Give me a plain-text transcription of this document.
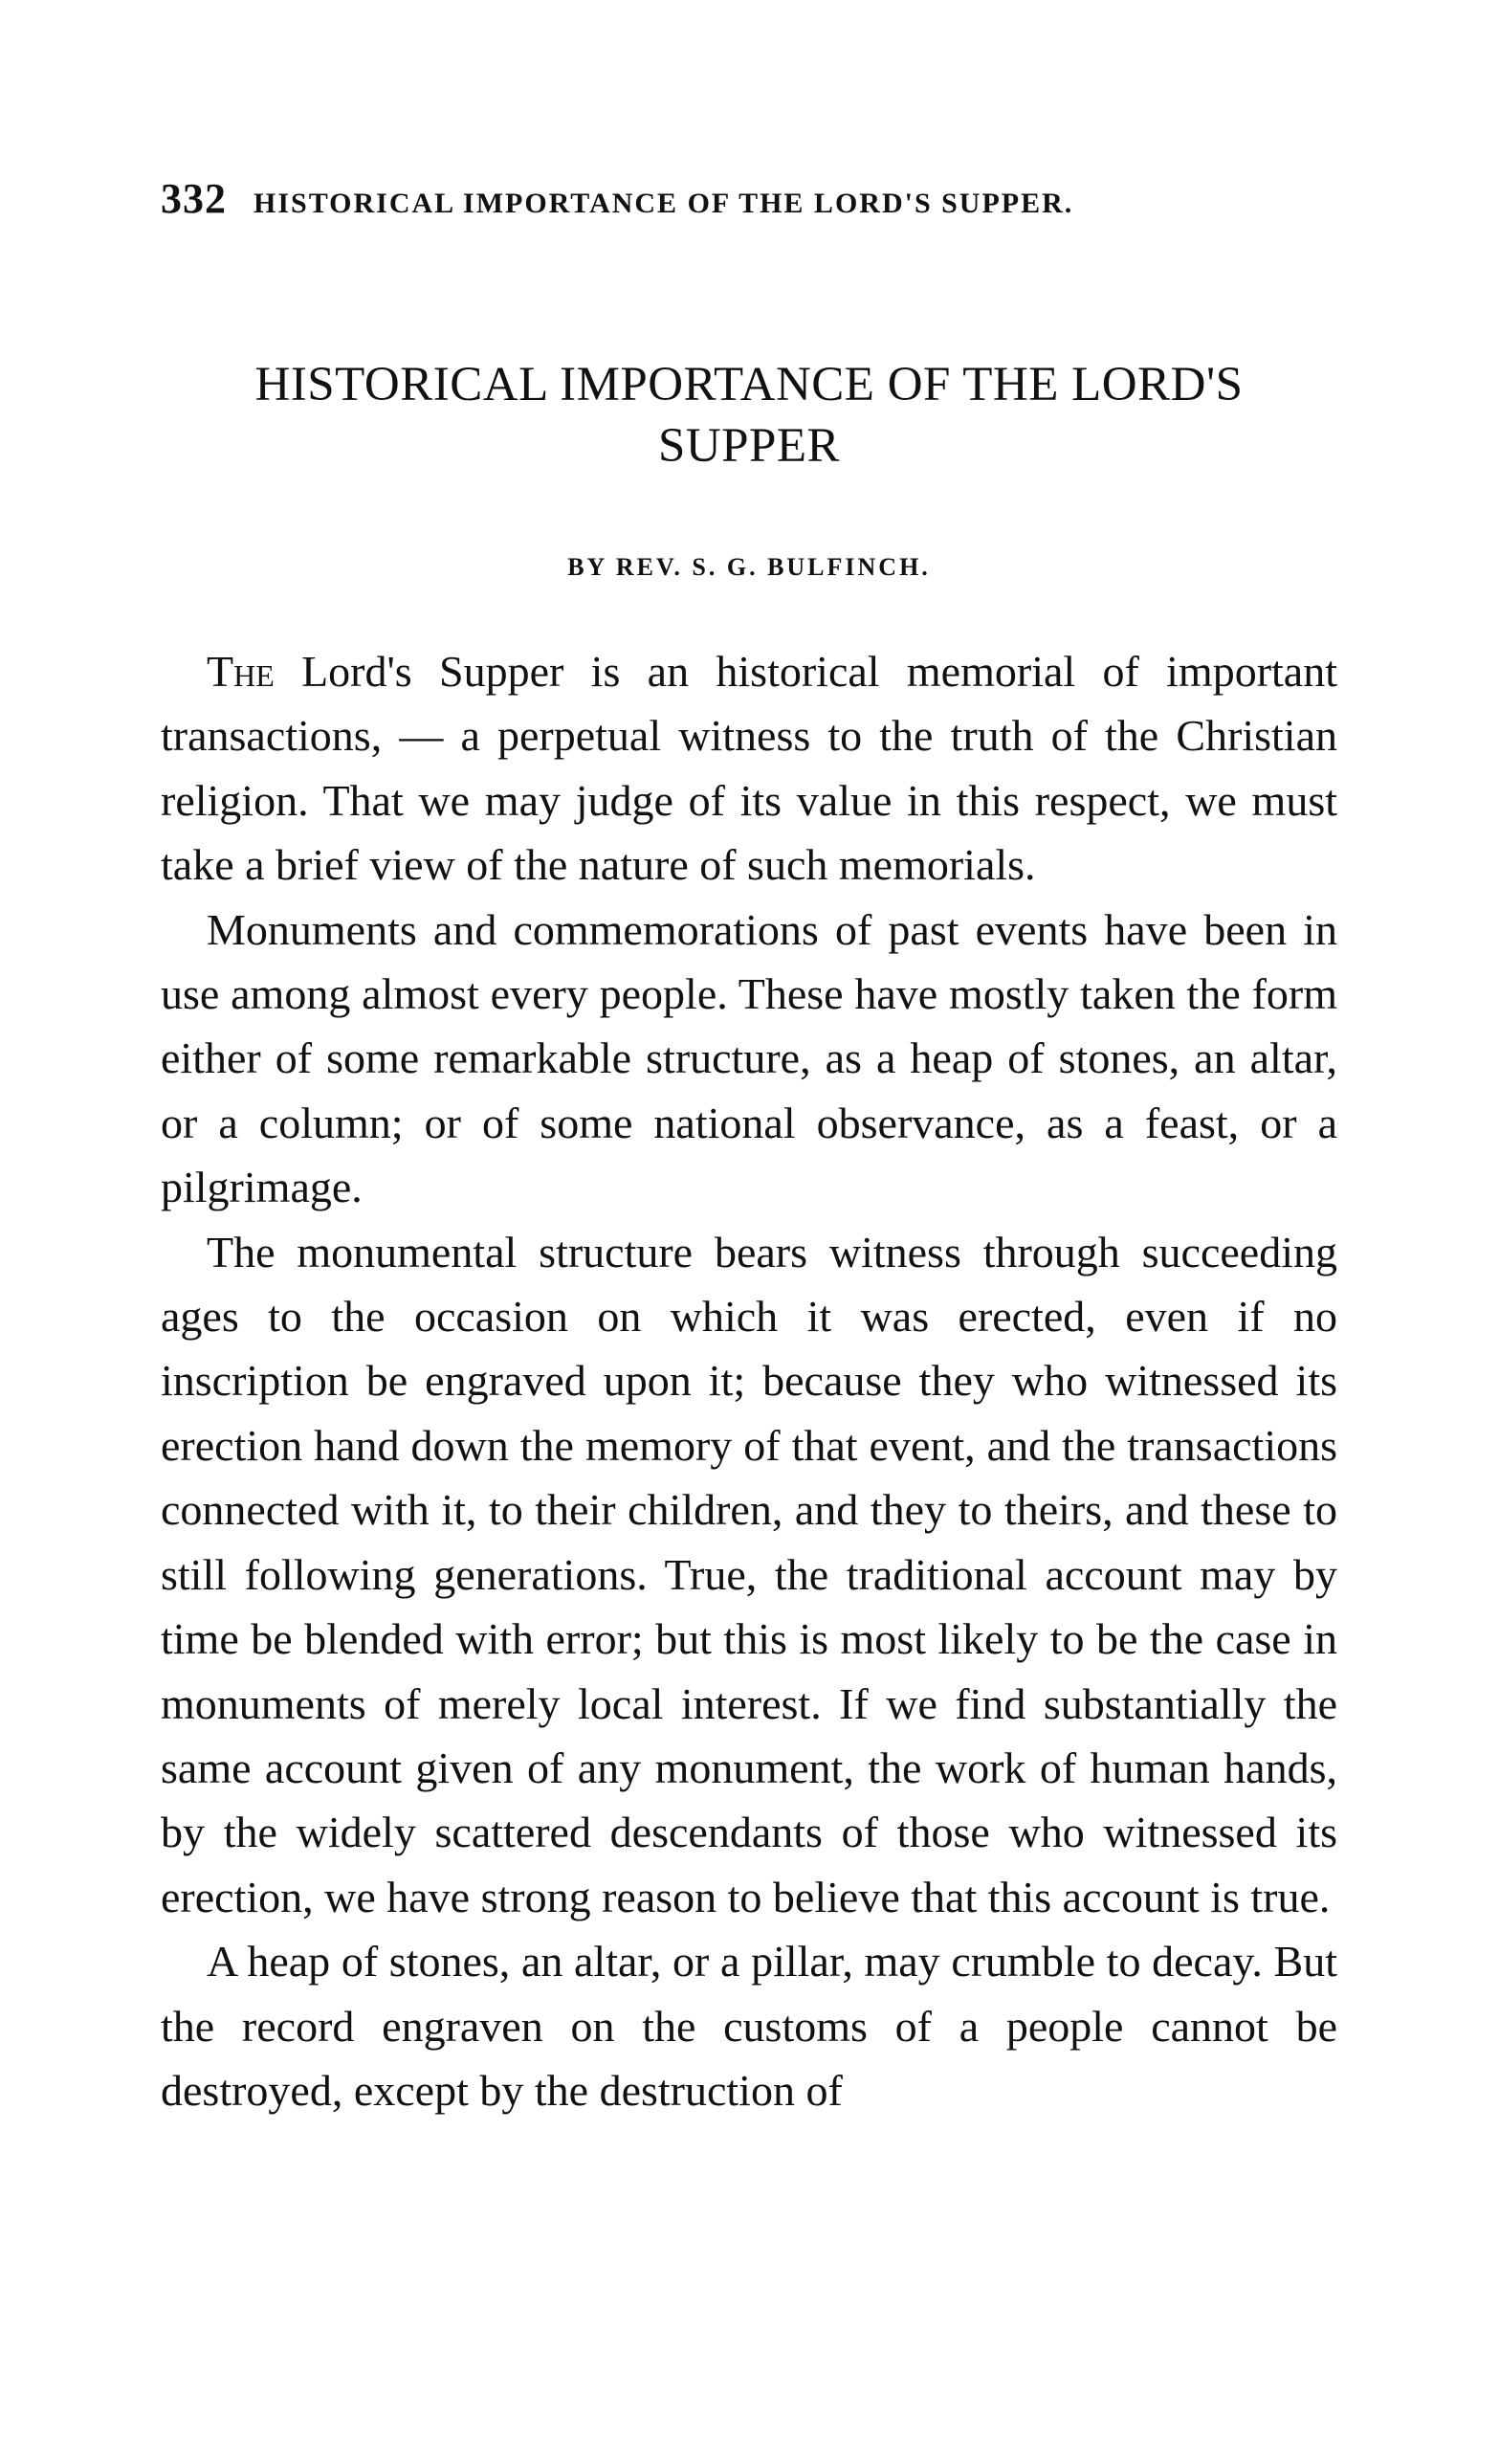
332 HISTORICAL IMPORTANCE OF THE LORD'S SUPPER.
HISTORICAL IMPORTANCE OF THE LORD'S
SUPPER
BY REV. S. G. BULFINCH.

The Lord's Supper is an historical memorial of important transactions, — a perpetual witness to the truth of the Christian religion. That we may judge of its value in this respect, we must take a brief view of the nature of such memorials.

Monuments and commemorations of past events have been in use among almost every people. These have mostly taken the form either of some remarkable structure, as a heap of stones, an altar, or a column; or of some national observance, as a feast, or a pilgrimage.

The monumental structure bears witness through succeeding ages to the occasion on which it was erected, even if no inscription be engraved upon it; because they who witnessed its erection hand down the memory of that event, and the transactions connected with it, to their children, and they to theirs, and these to still following generations. True, the traditional account may by time be blended with error; but this is most likely to be the case in monuments of merely local interest. If we find substantially the same account given of any monument, the work of human hands, by the widely scattered descendants of those who witnessed its erection, we have strong reason to believe that this account is true.

A heap of stones, an altar, or a pillar, may crumble to decay. But the record engraven on the customs of a people cannot be destroyed, except by the destruction of
